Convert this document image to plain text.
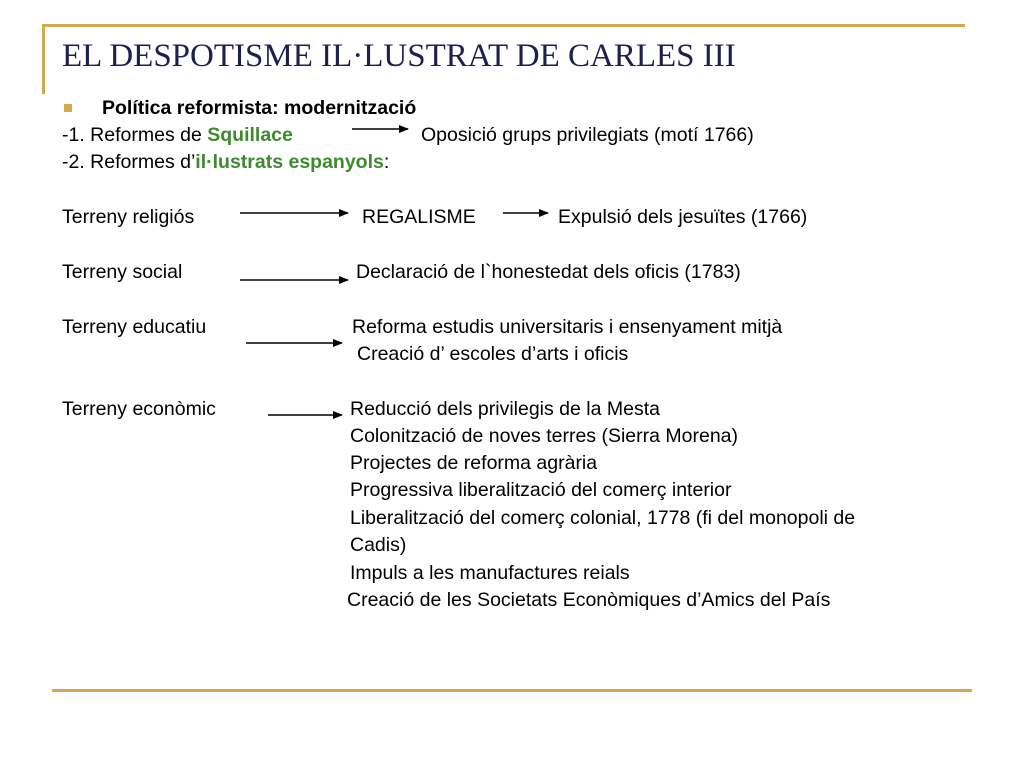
EL DESPOTISME IL·LUSTRAT DE CARLES III
Política reformista: modernització
-1. Reformes de Squillace	Oposició grups privilegiats (motí 1766)
-2. Reformes d’il·lustrats espanyols:
Terreny religiós	REGALISME	Expulsió dels jesuïtes (1766)
Terreny social	Declaració de l`honestedat dels oficis (1783)
Terreny educatiu	Reforma estudis universitaris i ensenyament mitjà
Creació d’ escoles d’arts i oficis
Terreny econòmic	Reducció dels privilegis de la Mesta
Colonització de noves terres (Sierra Morena)
Projectes de reforma agrària
Progressiva liberalització del comerç interior
Liberalització del comerç colonial, 1778 (fi del monopoli de
Cadis)
Impuls a les manufactures reials
Creació de les Societats Econòmiques d’Amics del País
